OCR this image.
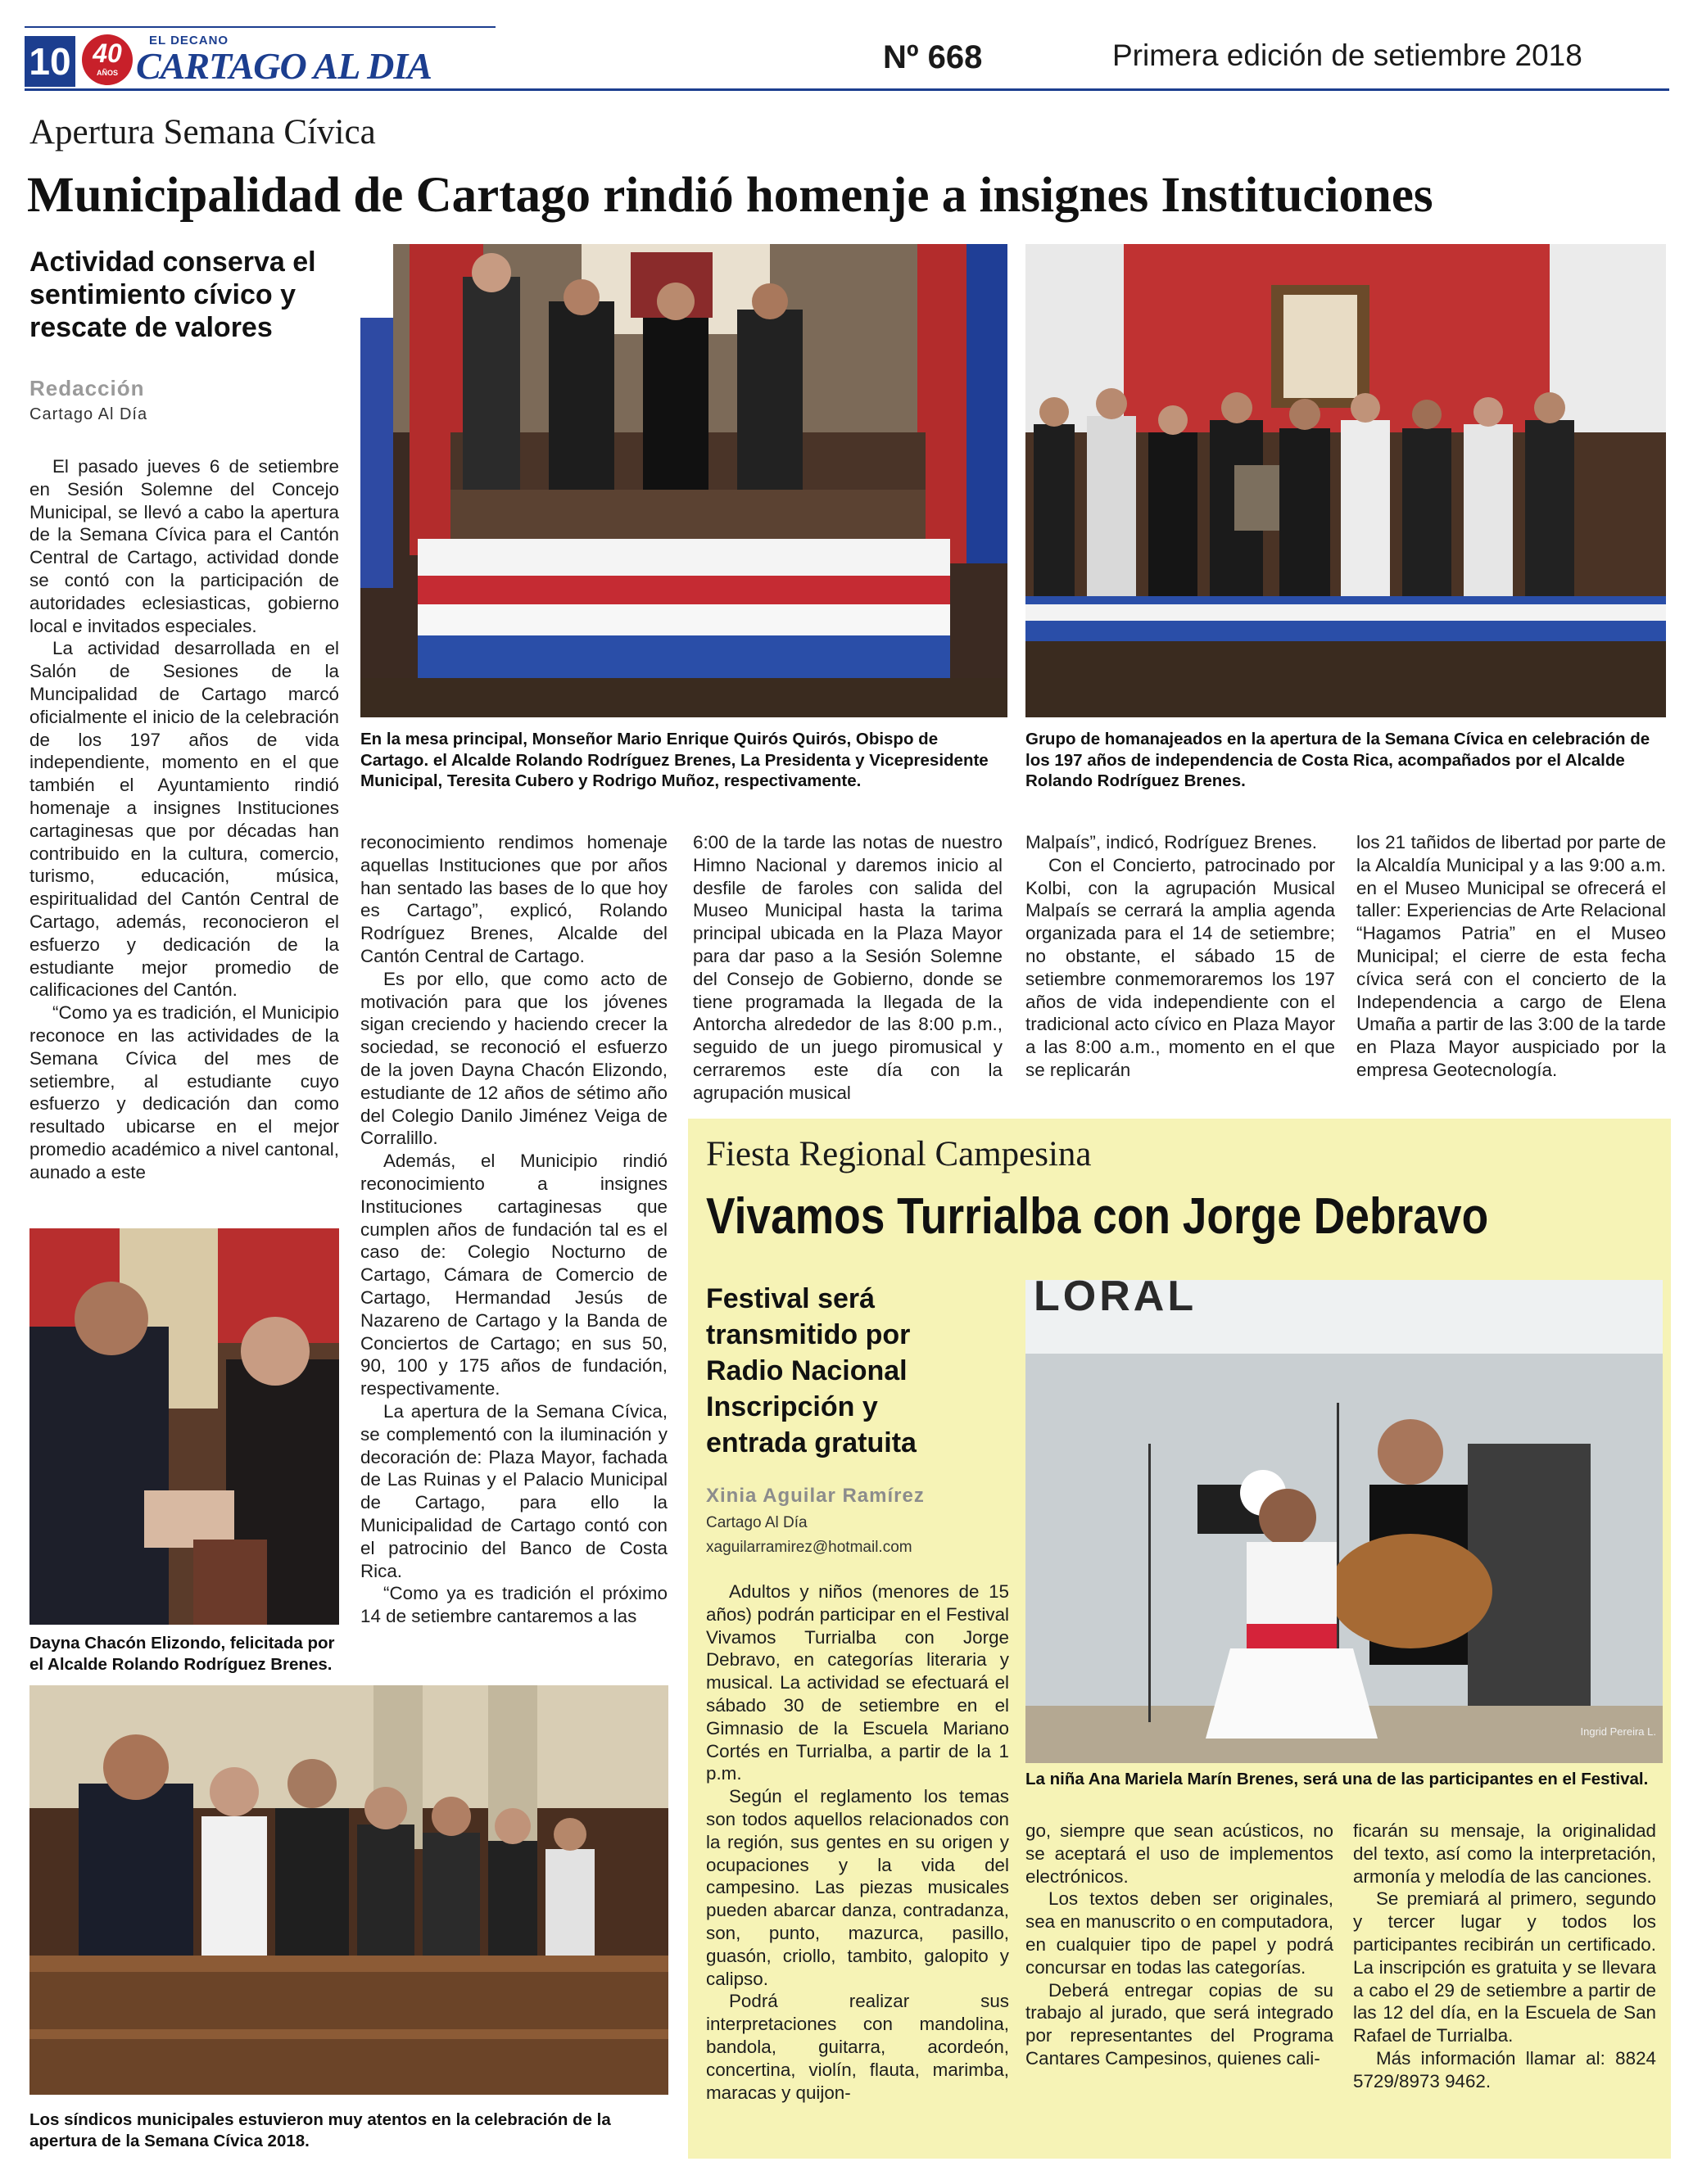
10 40
AÑOS
EL DECANO
CARTAGO AL DIA	Nº 668	Primera edición de setiembre 2018
Apertura Semana Cívica
Municipalidad de Cartago rindió homenje a insignes Instituciones
Actividad conserva el sentimiento cívico y rescate de valores
Redacción
Cartago Al Día

El pasado jueves 6 de setiembre en Sesión Solemne del Concejo Municipal, se llevó a cabo la apertura de la Semana Cívica para el Cantón Central de Cartago, actividad donde se contó con la participación de autoridades eclesiasticas, gobierno local e invitados especiales.

La actividad desarrollada en el Salón de Sesiones de la Muncipalidad de Cartago marcó oficialmente el inicio de la celebración de los 197 años de vida independiente, momento en el que también el Ayuntamiento rindió homenaje a insignes Instituciones cartaginesas que por décadas han contribuido en la cultura, comercio, turismo, educación, música, espiritualidad del Cantón Central de Cartago, además, reconocieron el esfuerzo y dedicación de la estudiante mejor promedio de calificaciones del Cantón.

“Como ya es tradición, el Municipio reconoce en las actividades de la Semana Cívica del mes de setiembre, al estudiante cuyo esfuerzo y dedicación dan como resultado ubicarse en el mejor promedio académico a nivel cantonal, aunado a este

En la mesa principal, Monseñor Mario Enrique Quirós Quirós, Obispo de Cartago. el Alcalde Rolando Rodríguez Brenes, La Presidenta y Vicepresidente Municipal, Teresita Cubero y Rodrigo Muñoz, respectivamente.
Grupo de homanajeados en la apertura de la Semana Cívica en celebración de los 197 años de independencia de Costa Rica, acompañados por el Alcalde Rolando Rodríguez Brenes.
Dayna Chacón Elizondo, felicitada por el Alcalde Rolando Rodríguez Brenes.

reconocimiento rendimos homenaje aquellas Instituciones que por años han sentado las bases de lo que hoy es Cartago”, explicó, Rolando Rodríguez Brenes, Alcalde del Cantón Central de Cartago.

Es por ello, que como acto de motivación para que los jóvenes sigan creciendo y haciendo crecer la sociedad, se reconoció el esfuerzo de la joven Dayna Chacón Elizondo, estudiante de 12 años de sétimo año del Colegio Danilo Jiménez Veiga de Corralillo.

Además, el Municipio rindió reconocimiento a insignes Instituciones cartaginesas que cumplen años de fundación tal es el caso de: Colegio Nocturno de Cartago, Cámara de Comercio de Cartago, Hermandad Jesús de Nazareno de Cartago y la Banda de Conciertos de Cartago; en sus 50, 90, 100 y 175 años de fundación, respectivamente.

La apertura de la Semana Cívica, se complementó con la iluminación y decoración de: Plaza Mayor, fachada de Las Ruinas y el Palacio Municipal de Cartago, para ello la Municipalidad de Cartago contó con el patrocinio del Banco de Costa Rica.

“Como ya es tradición el próximo 14 de setiembre cantaremos a las

6:00 de la tarde las notas de nuestro Himno Nacional y daremos inicio al desfile de faroles con salida del Museo Municipal hasta la tarima principal ubicada en la Plaza Mayor para dar paso a la Sesión Solemne del Consejo de Gobierno, donde se tiene programada la llegada de la Antorcha alrededor de las 8:00 p.m., seguido de un juego piromusical y cerraremos este día con la agrupación musical

Malpaís”, indicó, Rodríguez Brenes.

Con el Concierto, patrocinado por Kolbi, con la agrupación Musical Malpaís se cerrará la amplia agenda organizada para el 14 de setiembre; no obstante, el sábado 15 de setiembre conmemoraremos los 197 años de vida independiente con el tradicional acto cívico en Plaza Mayor a las 8:00 a.m., momento en el que se replicarán

los 21 tañidos de libertad por parte de la Alcaldía Municipal y a las 9:00 a.m. en el Museo Municipal se ofrecerá el taller: Experiencias de Arte Relacional “Hagamos Patria” en el Museo Municipal; el cierre de esta fecha cívica será con el concierto de la Independencia a cargo de Elena Umaña a partir de las 3:00 de la tarde en Plaza Mayor auspiciado por la empresa Geotecnología.

Los síndicos municipales estuvieron muy atentos en la celebración de la apertura de la Semana Cívica 2018.
Fiesta Regional Campesina
Vivamos Turrialba con Jorge Debravo
Festival será transmitido por Radio Nacional Inscripción y entrada gratuita
Xinia Aguilar Ramírez
Cartago Al Día
xaguilarramirez@hotmail.com
LORAL
Ingrid Pereira L.
La niña Ana Mariela Marín Brenes, será una de las participantes en el Festival.

Adultos y niños (menores de 15 años) podrán participar en el Festival Vivamos Turrialba con Jorge Debravo, en categorías literaria y musical. La actividad se efectuará el sábado 30 de setiembre en el Gimnasio de la Escuela Mariano Cortés en Turrialba, a partir de la 1 p.m.

Según el reglamento los temas son todos aquellos relacionados con la región, sus gentes en su origen y ocupaciones y la vida del campesino. Las piezas musicales pueden abarcar danza, contradanza, son, punto, mazurca, pasillo, guasón, criollo, tambito, galopito y calipso.

Podrá realizar sus interpretaciones con mandolina, bandola, guitarra, acordeón, concertina, violín, flauta, marimba, maracas y quijon-

go, siempre que sean acústicos, no se aceptará el uso de implementos electrónicos.

Los textos deben ser originales, sea en manuscrito o en computadora, en cualquier tipo de papel y podrá concursar en todas las categorías.

Deberá entregar copias de su trabajo al jurado, que será integrado por representantes del Programa Cantares Campesinos, quienes cali-

ficarán su mensaje, la originalidad del texto, así como la interpretación, armonía y melodía de las canciones.

Se premiará al primero, segundo y tercer lugar y todos los participantes recibirán un certificado. La inscripción es gratuita y se llevara a cabo el 29 de setiembre a partir de las 12 del día, en la Escuela de San Rafael de Turrialba.

Más información llamar al: 8824 5729/8973 9462.
